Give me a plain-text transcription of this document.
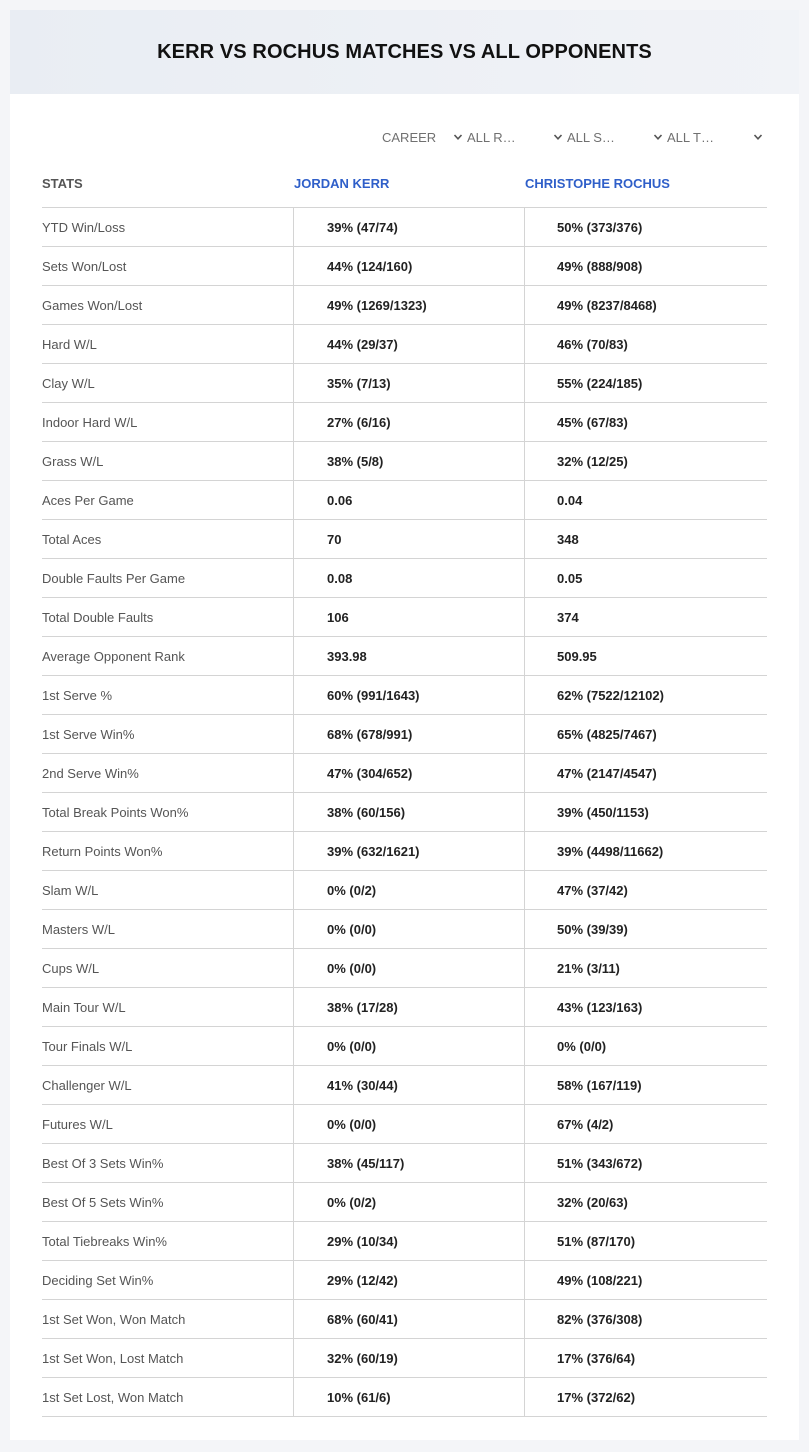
KERR VS ROCHUS MATCHES VS ALL OPPONENTS
CAREER ALL R…	ALL S…	ALL T…
STATS	JORDAN KERR	CHRISTOPHE ROCHUS
YTD Win/Loss	39% (47/74)	50% (373/376)
Sets Won/Lost	44% (124/160)	49% (888/908)
Games Won/Lost	49% (1269/1323)	49% (8237/8468)
Hard W/L	44% (29/37)	46% (70/83)
Clay W/L	35% (7/13)	55% (224/185)
Indoor Hard W/L	27% (6/16)	45% (67/83)
Grass W/L	38% (5/8)	32% (12/25)
Aces Per Game	0.06	0.04
Total Aces	70	348
Double Faults Per Game	0.08	0.05
Total Double Faults	106	374
Average Opponent Rank	393.98	509.95
1st Serve %	60% (991/1643)	62% (7522/12102)
1st Serve Win%	68% (678/991)	65% (4825/7467)
2nd Serve Win%	47% (304/652)	47% (2147/4547)
Total Break Points Won%	38% (60/156)	39% (450/1153)
Return Points Won%	39% (632/1621)	39% (4498/11662)
Slam W/L	0% (0/2)	47% (37/42)
Masters W/L	0% (0/0)	50% (39/39)
Cups W/L	0% (0/0)	21% (3/11)
Main Tour W/L	38% (17/28)	43% (123/163)
Tour Finals W/L	0% (0/0)	0% (0/0)
Challenger W/L	41% (30/44)	58% (167/119)
Futures W/L	0% (0/0)	67% (4/2)
Best Of 3 Sets Win%	38% (45/117)	51% (343/672)
Best Of 5 Sets Win%	0% (0/2)	32% (20/63)
Total Tiebreaks Win%	29% (10/34)	51% (87/170)
Deciding Set Win%	29% (12/42)	49% (108/221)
1st Set Won, Won Match	68% (60/41)	82% (376/308)
1st Set Won, Lost Match	32% (60/19)	17% (376/64)
1st Set Lost, Won Match	10% (61/6)	17% (372/62)
